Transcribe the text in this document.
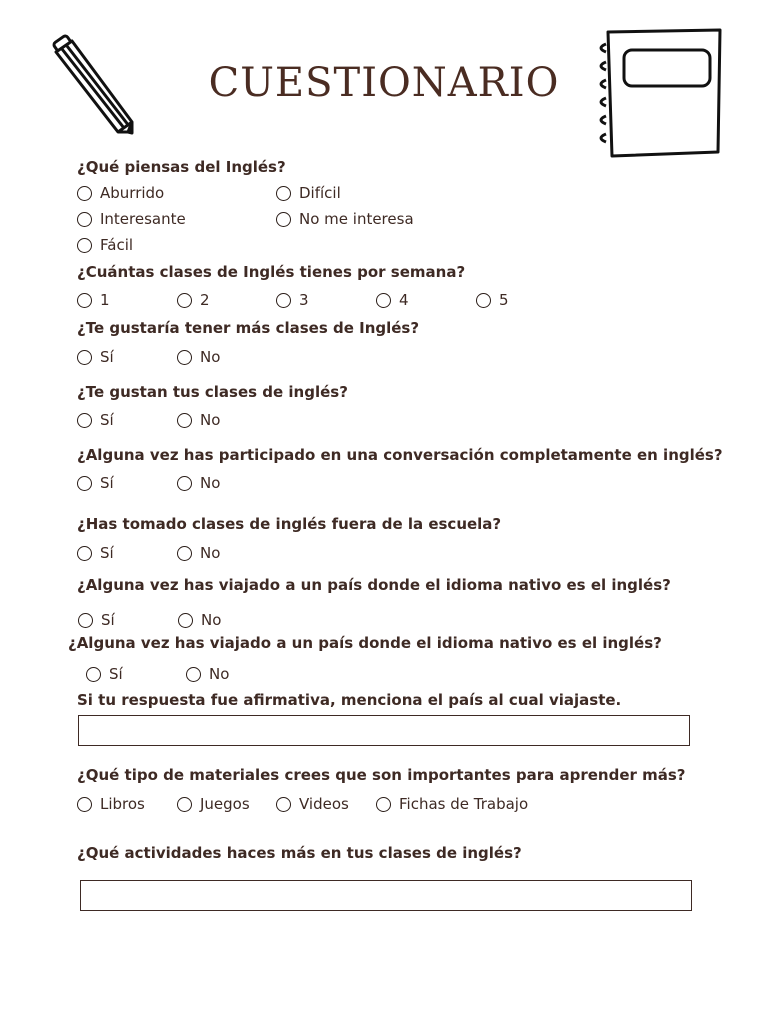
CUESTIONARIO
¿Qué piensas del Inglés?
Aburrido	Difícil
Interesante	No me interesa
Fácil
¿Cuántas clases de Inglés tienes por semana?
1	2	3	4	5
¿Te gustaría tener más clases de Inglés?
Sí	No
¿Te gustan tus clases de inglés?
Sí	No
¿Alguna vez has participado en una conversación completamente en inglés?
Sí	No
¿Has tomado clases de inglés fuera de la escuela?
Sí	No
¿Alguna vez has viajado a un país donde el idioma nativo es el inglés?
Sí	No
¿Alguna vez has viajado a un país donde el idioma nativo es el inglés?
Sí	No
Si tu respuesta fue afirmativa, menciona el país al cual viajaste.
¿Qué tipo de materiales crees que son importantes para aprender más?
Libros	Juegos	Videos	Fichas de Trabajo
¿Qué actividades haces más en tus clases de inglés?
